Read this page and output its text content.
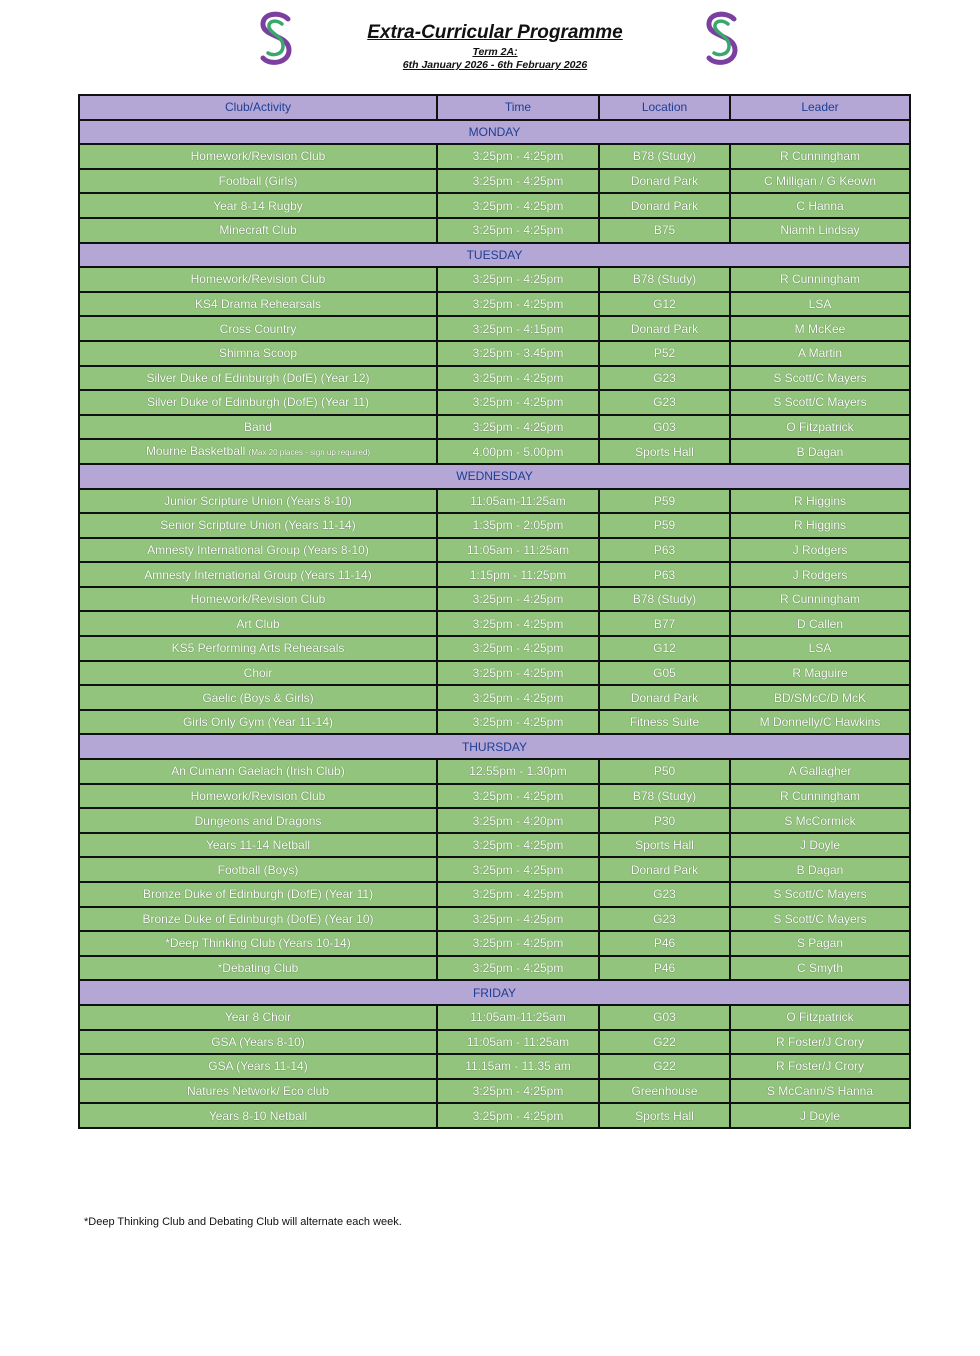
Extra-Curricular Programme
Term 2A:
6th January 2026 - 6th February 2026
Club/Activity	Time	Location	Leader
MONDAY			
Homework/Revision Club	3:25pm - 4:25pm	B78 (Study)	R Cunningham
Football (Girls)	3:25pm - 4:25pm	Donard Park	C Milligan / G Keown
Year 8-14 Rugby	3:25pm - 4:25pm	Donard Park	C Hanna
Minecraft Club	3:25pm - 4:25pm	B75	Niamh Lindsay
TUESDAY			
Homework/Revision Club	3:25pm - 4:25pm	B78 (Study)	R Cunningham
KS4 Drama Rehearsals	3:25pm - 4:25pm	G12	LSA
Cross Country	3:25pm - 4:15pm	Donard Park	M McKee
Shimna Scoop	3:25pm - 3.45pm	P52	A Martin
Silver Duke of Edinburgh (DofE) (Year 12)	3:25pm - 4:25pm	G23	S Scott/C Mayers
Silver Duke of Edinburgh (DofE) (Year 11)	3:25pm - 4:25pm	G23	S Scott/C Mayers
Band	3:25pm - 4:25pm	G03	O Fitzpatrick
Mourne Basketball (Max 20 places - sign up required)	4.00pm - 5.00pm	Sports Hall	B Dagan
WEDNESDAY			
Junior Scripture Union (Years 8-10)	11:05am-11:25am	P59	R Higgins
Senior Scripture Union (Years 11-14)	1:35pm - 2:05pm	P59	R Higgins
Amnesty International Group (Years 8-10)	11:05am - 11:25am	P63	J Rodgers
Amnesty International Group (Years 11-14)	1:15pm - 11:25pm	P63	J Rodgers
Homework/Revision Club	3:25pm - 4:25pm	B78 (Study)	R Cunningham
Art Club	3:25pm - 4:25pm	B77	D Callen
KS5 Performing Arts Rehearsals	3:25pm - 4:25pm	G12	LSA
Choir	3:25pm - 4:25pm	G05	R Maguire
Gaelic (Boys & Girls)	3:25pm - 4:25pm	Donard Park	BD/SMcC/D McK
Girls Only Gym (Year 11-14)	3:25pm - 4:25pm	Fitness Suite	M Donnelly/C Hawkins
THURSDAY			
An Cumann Gaelach (Irish Club)	12.55pm - 1.30pm	P50	A Gallagher
Homework/Revision Club	3:25pm - 4:25pm	B78 (Study)	R Cunningham
Dungeons and Dragons	3:25pm - 4:20pm	P30	S McCormick
Years 11-14 Netball	3:25pm - 4:25pm	Sports Hall	J Doyle
Football (Boys)	3:25pm - 4:25pm	Donard Park	B Dagan
Bronze Duke of Edinburgh (DofE) (Year 11)	3:25pm - 4:25pm	G23	S Scott/C Mayers
Bronze Duke of Edinburgh (DofE) (Year 10)	3:25pm - 4:25pm	G23	S Scott/C Mayers
*Deep Thinking Club (Years 10-14)	3:25pm - 4:25pm	P46	S Pagan
*Debating Club	3:25pm - 4:25pm	P46	C Smyth
FRIDAY			
Year 8 Choir	11:05am-11:25am	G03	O Fitzpatrick
GSA (Years 8-10)	11:05am - 11:25am	G22	R Foster/J Crory
GSA (Years 11-14)	11.15am - 11.35 am	G22	R Foster/J Crory
Natures Network/ Eco club	3:25pm - 4:25pm	Greenhouse	S McCann/S Hanna
Years 8-10 Netball	3:25pm - 4:25pm	Sports Hall	J Doyle
*Deep Thinking Club and Debating Club will alternate each week.
